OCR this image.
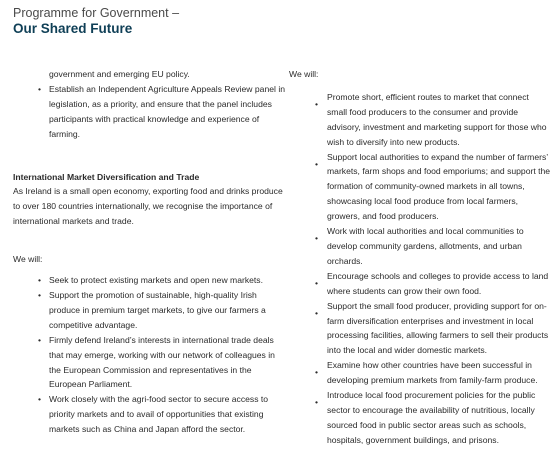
Programme for Government –
Our Shared Future

government and emerging EU policy.

• Establish an Independent Agriculture Appeals Review panel in legislation, as a priority, and ensure that the panel includes participants with practical knowledge and experience of farming.

International Market Diversification and Trade

As Ireland is a small open economy, exporting food and drinks produce to over 180 countries internationally, we recognise the importance of international markets and trade.

We will:

• Seek to protect existing markets and open new markets.
• Support the promotion of sustainable, high-quality Irish produce in premium target markets, to give our farmers a competitive advantage.
• Firmly defend Ireland’s interests in international trade deals that may emerge, working with our network of colleagues in the European Commission and representatives in the European Parliament.
• Work closely with the agri-food sector to secure access to priority markets and to avail of opportunities that existing markets such as China and Japan afford the sector.

We will:

•
Promote short, efficient routes to market that connect small food producers to the consumer and provide advisory, investment and marketing support for those who wish to diversify into new products.
•
Support local authorities to expand the number of farmers’ markets, farm shops and food emporiums; and support the formation of community-owned markets in all towns, showcasing local food produce from local farmers, growers, and food producers.
•
Work with local authorities and local communities to develop community gardens, allotments, and urban orchards.
•
Encourage schools and colleges to provide access to land where students can grow their own food.
•
Support the small food producer, providing support for on-farm diversification enterprises and investment in local processing facilities, allowing farmers to sell their products into the local and wider domestic markets.
•
Examine how other countries have been successful in developing premium markets from family-farm produce.
•
Introduce local food procurement policies for the public sector to encourage the availability of nutritious, locally sourced food in public sector areas such as schools, hospitals, government buildings, and prisons.
